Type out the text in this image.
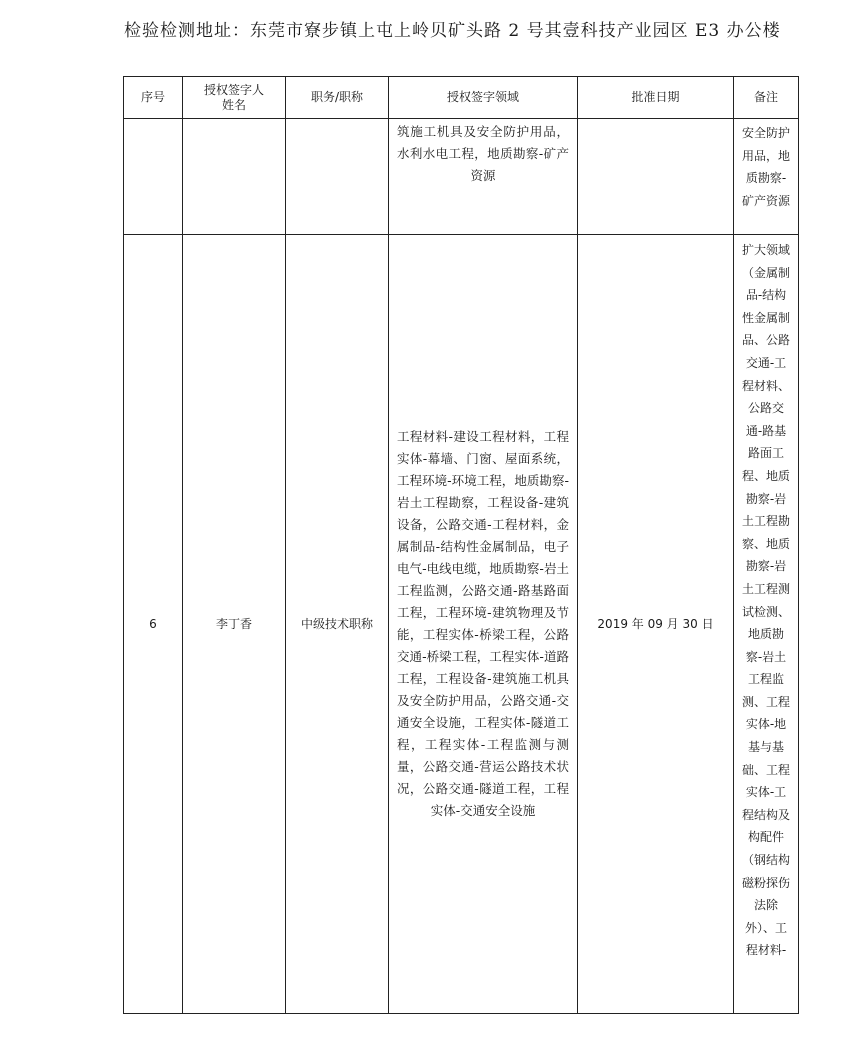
检验检测地址：东莞市寮步镇上屯上岭贝矿头路 2 号其壹科技产业园区 E3 办公楼
序号	授权签字人姓名	职务/职称	授权签字领域	批准日期	备注

			筑施工机具及安全防护用品，水利水电工程，地质勘察-矿产资源		安全防护用品，地质勘察-矿产资源

6	李丁香	中级技术职称	工程材料-建设工程材料，工程实体-幕墙、门窗、屋面系统，工程环境-环境工程，地质勘察-岩土工程勘察，工程设备-建筑设备，公路交通-工程材料，金属制品-结构性金属制品，电子电气-电线电缆，地质勘察-岩土工程监测，公路交通-路基路面工程，工程环境-建筑物理及节能，工程实体-桥梁工程，公路交通-桥梁工程，工程实体-道路工程，工程设备-建筑施工机具及安全防护用品，公路交通-交通安全设施，工程实体-隧道工程，工程实体-工程监测与测量，公路交通-营运公路技术状况，公路交通-隧道工程，工程实体-交通安全设施	2019 年 09 月 30 日	扩大领域（金属制品-结构性金属制品、公路交通-工程材料、公路交通-路基路面工程、地质勘察-岩土工程勘察、地质勘察-岩土工程测试检测、地质勘察-岩土工程监测、工程实体-地基与基础、工程实体-工程结构及构配件（钢结构磁粉探伤法除外）、工程材料-
